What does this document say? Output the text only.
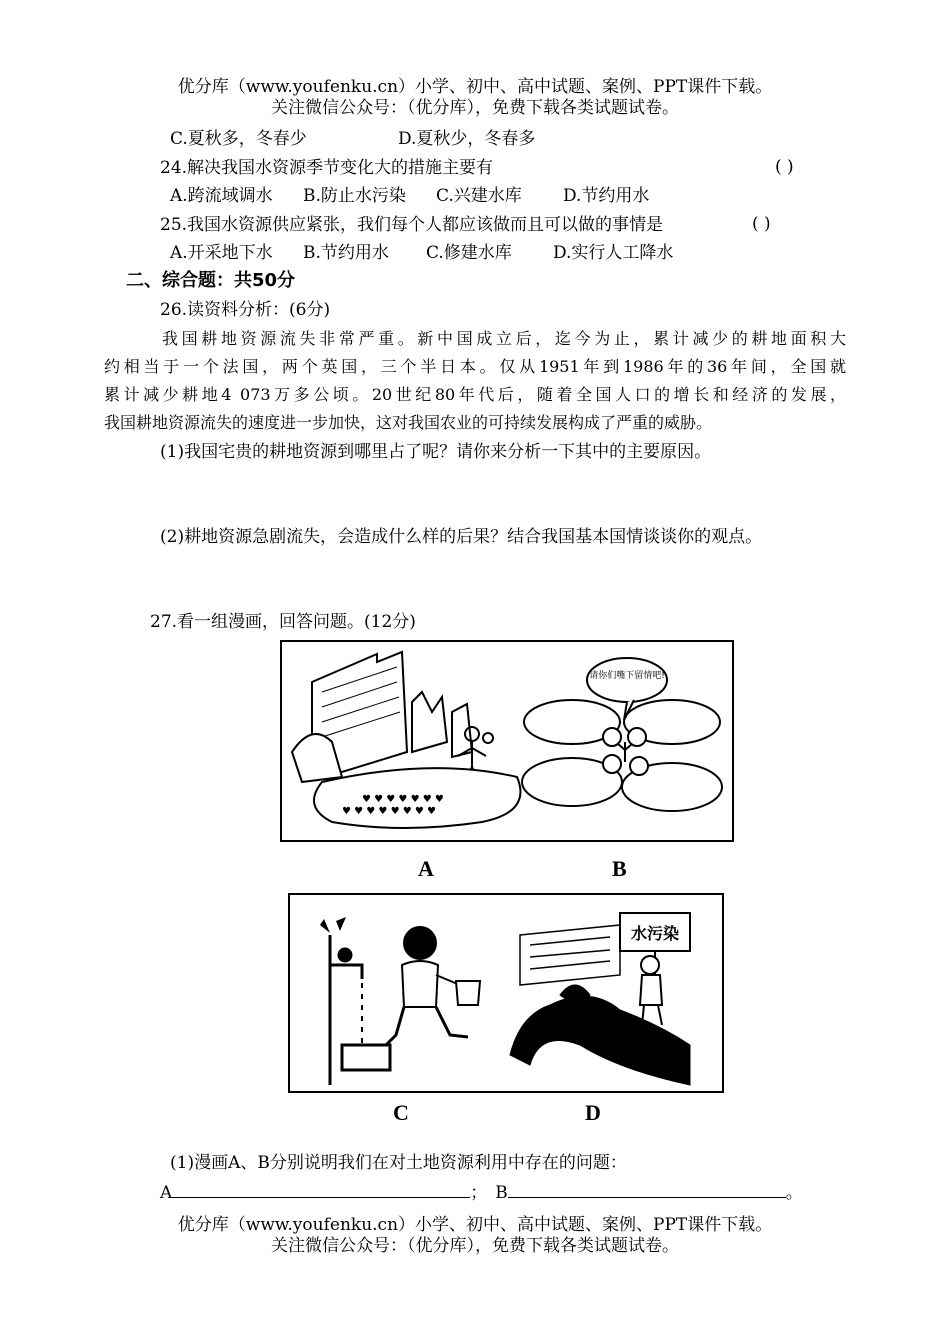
优分库（www.youfenku.cn）小学、初中、高中试题、案例、PPT课件下载。
关注微信公众号：（优分库），免费下载各类试题试卷。
C.夏秋多，冬春少	D.夏秋少，冬春多
24.解决我国水资源季节变化大的措施主要有	( )
A.跨流域调水 B.防止水污染 C.兴建水库 D.节约用水
25.我国水资源供应紧张，我们每个人都应该做而且可以做的事情是	( )
A.开采地下水 B.节约用水 C.修建水库 D.实行人工降水
二、综合题：共50分
26.读资料分析：(6分)
我国耕地资源流失非常严重。新中国成立后，迄今为止，累计减少的耕地面积大
约相当于一个法国，两个英国，三个半日本。仅从1951年到1986年的36年间，全国就
累计减少耕地4 073万多公顷。20世纪80年代后，随着全国人口的增长和经济的发展，
我国耕地资源流失的速度进一步加快，这对我国农业的可持续发展构成了严重的威胁。
(1)我国宅贵的耕地资源到哪里占了呢？请你来分析一下其中的主要原因。
(2)耕地资源急剧流失，会造成什么样的后果？结合我国基本国情谈谈你的观点。
27.看一组漫画，回答问题。(12分)
♥ ♥ ♥ ♥ ♥ ♥ ♥ ♥
♥ ♥ ♥ ♥ ♥ ♥ ♥
请你们嘴下留情吧!
A	B
水污染
C	D
(1)漫画A、B分别说明我们在对土地资源利用中存在的问题：
A	； B	。
优分库（www.youfenku.cn）小学、初中、高中试题、案例、PPT课件下载。
关注微信公众号：（优分库），免费下载各类试题试卷。
